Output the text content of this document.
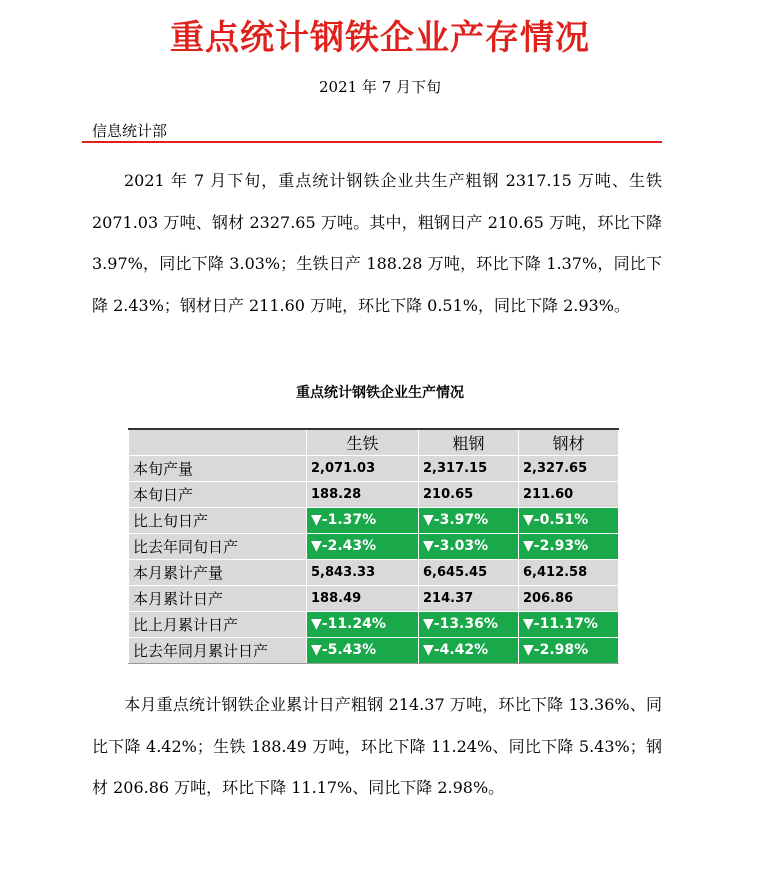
重点统计钢铁企业产存情况
2021 年 7 月下旬
信息统计部
2021 年 7 月下旬，重点统计钢铁企业共生产粗钢 2317.15 万吨、生铁 2071.03 万吨、钢材 2327.65 万吨。其中，粗钢日产 210.65 万吨，环比下降 3.97%，同比下降 3.03%；生铁日产 188.28 万吨，环比下降 1.37%，同比下降 2.43%；钢材日产 211.60 万吨，环比下降 0.51%，同比下降 2.93%。
重点统计钢铁企业生产情况
	生铁	粗钢	钢材
本旬产量	2,071.03	2,317.15	2,327.65
本旬日产	188.28	210.65	211.60
比上旬日产	▼-1.37%	▼-3.97%	▼-0.51%
比去年同旬日产	▼-2.43%	▼-3.03%	▼-2.93%
本月累计产量	5,843.33	6,645.45	6,412.58
本月累计日产	188.49	214.37	206.86
比上月累计日产	▼-11.24%	▼-13.36%	▼-11.17%
比去年同月累计日产	▼-5.43%	▼-4.42%	▼-2.98%
本月重点统计钢铁企业累计日产粗钢 214.37 万吨，环比下降 13.36%、同比下降 4.42%；生铁 188.49 万吨，环比下降 11.24%、同比下降 5.43%；钢材 206.86 万吨，环比下降 11.17%、同比下降 2.98%。
